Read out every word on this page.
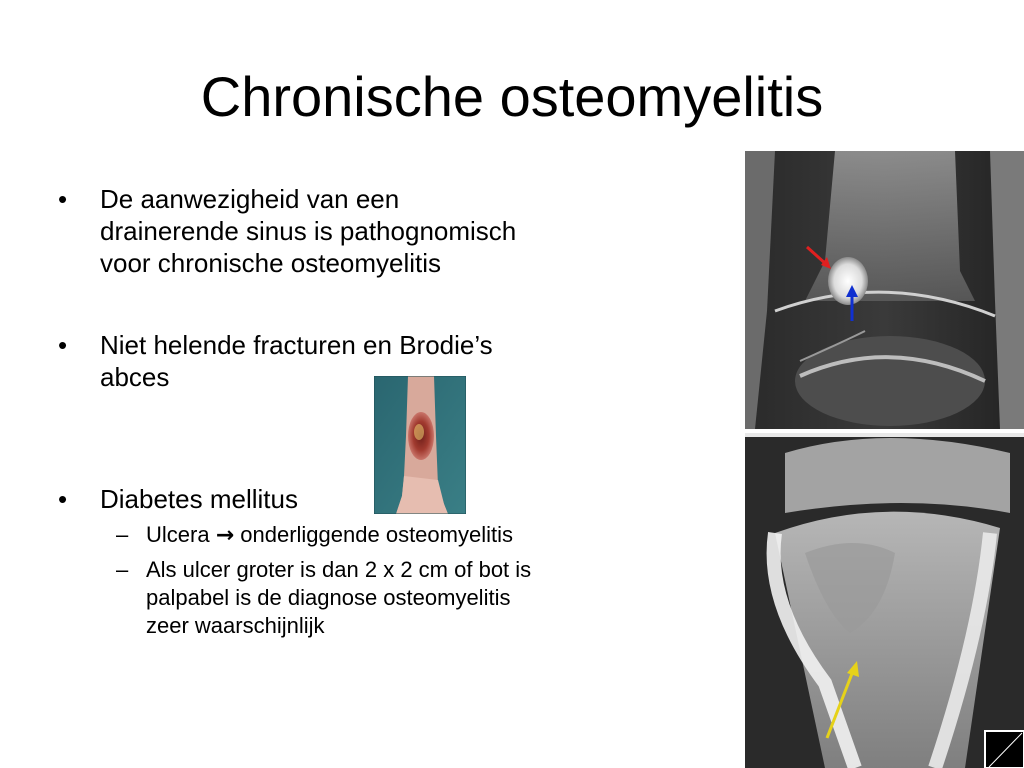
Chronische osteomyelitis
• De aanwezigheid van een
drainerende sinus is pathognomisch
voor chronische osteomyelitis
• Niet helende fracturen en Brodie’s
abces
• Diabetes mellitus
– Ulcera → onderliggende osteomyelitis
– Als ulcer groter is dan 2 x 2 cm of bot is
palpabel is de diagnose osteomyelitis
zeer waarschijnlijk
